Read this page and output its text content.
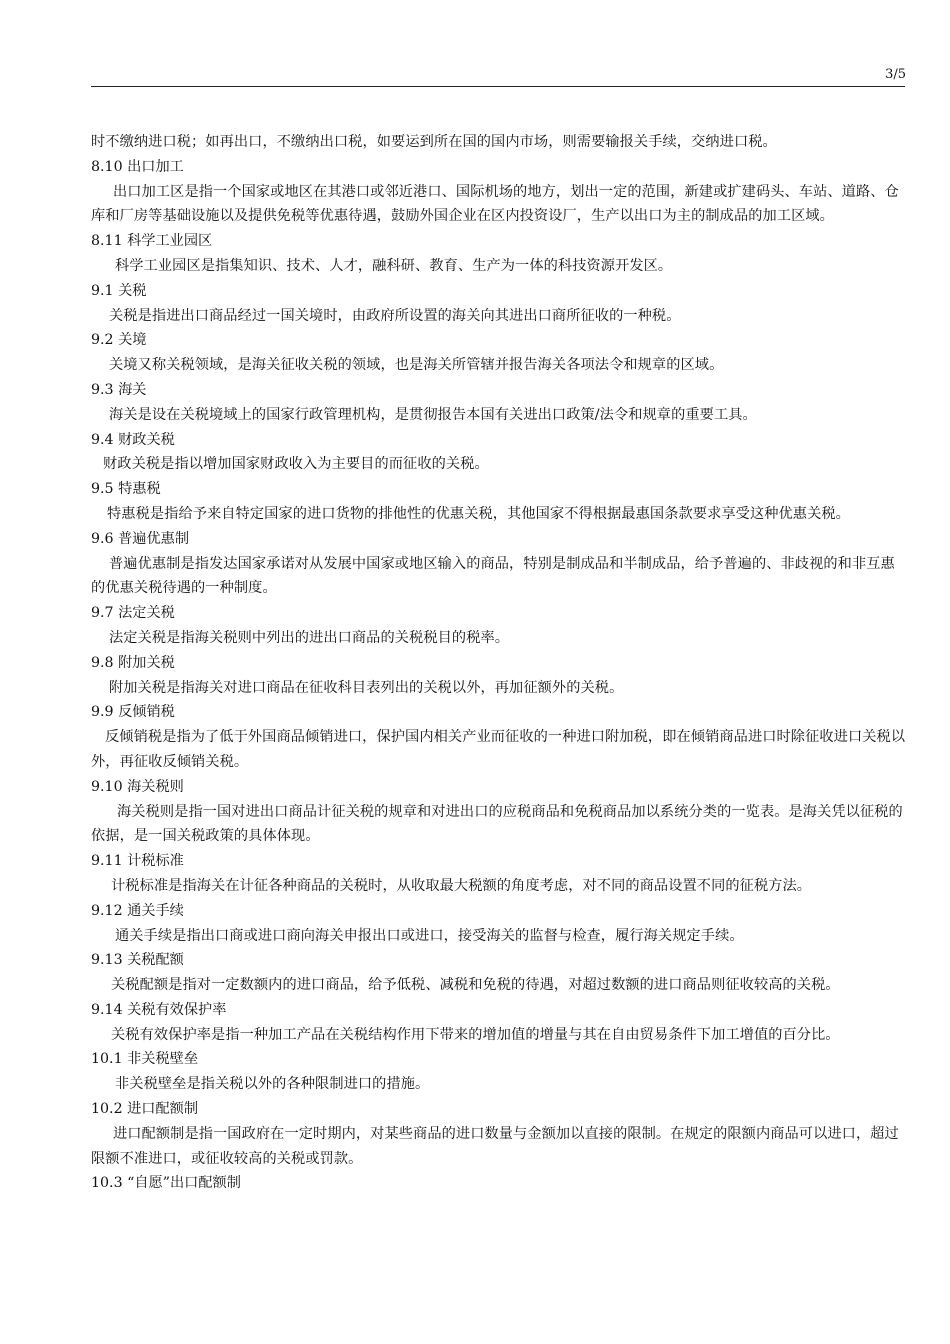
3/5

时不缴纳进口税；如再出口，不缴纳出口税，如要运到所在国的国内市场，则需要输报关手续，交纳进口税。

8.10 出口加工

出口加工区是指一个国家或地区在其港口或邻近港口、国际机场的地方，划出一定的范围，新建或扩建码头、车站、道路、仓库和厂房等基础设施以及提供免税等优惠待遇，鼓励外国企业在区内投资设厂，生产以出口为主的制成品的加工区域。

8.11 科学工业园区

科学工业园区是指集知识、技术、人才，融科研、教育、生产为一体的科技资源开发区。

9.1 关税

关税是指进出口商品经过一国关境时，由政府所设置的海关向其进出口商所征收的一种税。

9.2 关境

关境又称关税领域，是海关征收关税的领域，也是海关所管辖并报告海关各项法令和规章的区域。

9.3 海关

海关是设在关税境域上的国家行政管理机构，是贯彻报告本国有关进出口政策/法令和规章的重要工具。

9.4 财政关税

财政关税是指以增加国家财政收入为主要目的而征收的关税。

9.5 特惠税

特惠税是指给予来自特定国家的进口货物的排他性的优惠关税，其他国家不得根据最惠国条款要求享受这种优惠关税。

9.6 普遍优惠制

普遍优惠制是指发达国家承诺对从发展中国家或地区输入的商品，特别是制成品和半制成品，给予普遍的、非歧视的和非互惠的优惠关税待遇的一种制度。

9.7 法定关税

法定关税是指海关税则中列出的进出口商品的关税税目的税率。

9.8 附加关税

附加关税是指海关对进口商品在征收科目表列出的关税以外，再加征额外的关税。

9.9 反倾销税

反倾销税是指为了低于外国商品倾销进口，保护国内相关产业而征收的一种进口附加税，即在倾销商品进口时除征收进口关税以外，再征收反倾销关税。

9.10 海关税则

海关税则是指一国对进出口商品计征关税的规章和对进出口的应税商品和免税商品加以系统分类的一览表。是海关凭以征税的依据，是一国关税政策的具体体现。

9.11 计税标准

计税标准是指海关在计征各种商品的关税时，从收取最大税额的角度考虑，对不同的商品设置不同的征税方法。

9.12 通关手续

通关手续是指出口商或进口商向海关申报出口或进口，接受海关的监督与检查，履行海关规定手续。

9.13 关税配额

关税配额是指对一定数额内的进口商品，给予低税、减税和免税的待遇，对超过数额的进口商品则征收较高的关税。

9.14 关税有效保护率

关税有效保护率是指一种加工产品在关税结构作用下带来的增加值的增量与其在自由贸易条件下加工增值的百分比。

10.1 非关税壁垒

非关税壁垒是指关税以外的各种限制进口的措施。

10.2 进口配额制

进口配额制是指一国政府在一定时期内，对某些商品的进口数量与金额加以直接的限制。在规定的限额内商品可以进口，超过限额不准进口，或征收较高的关税或罚款。

10.3 “自愿”出口配额制
